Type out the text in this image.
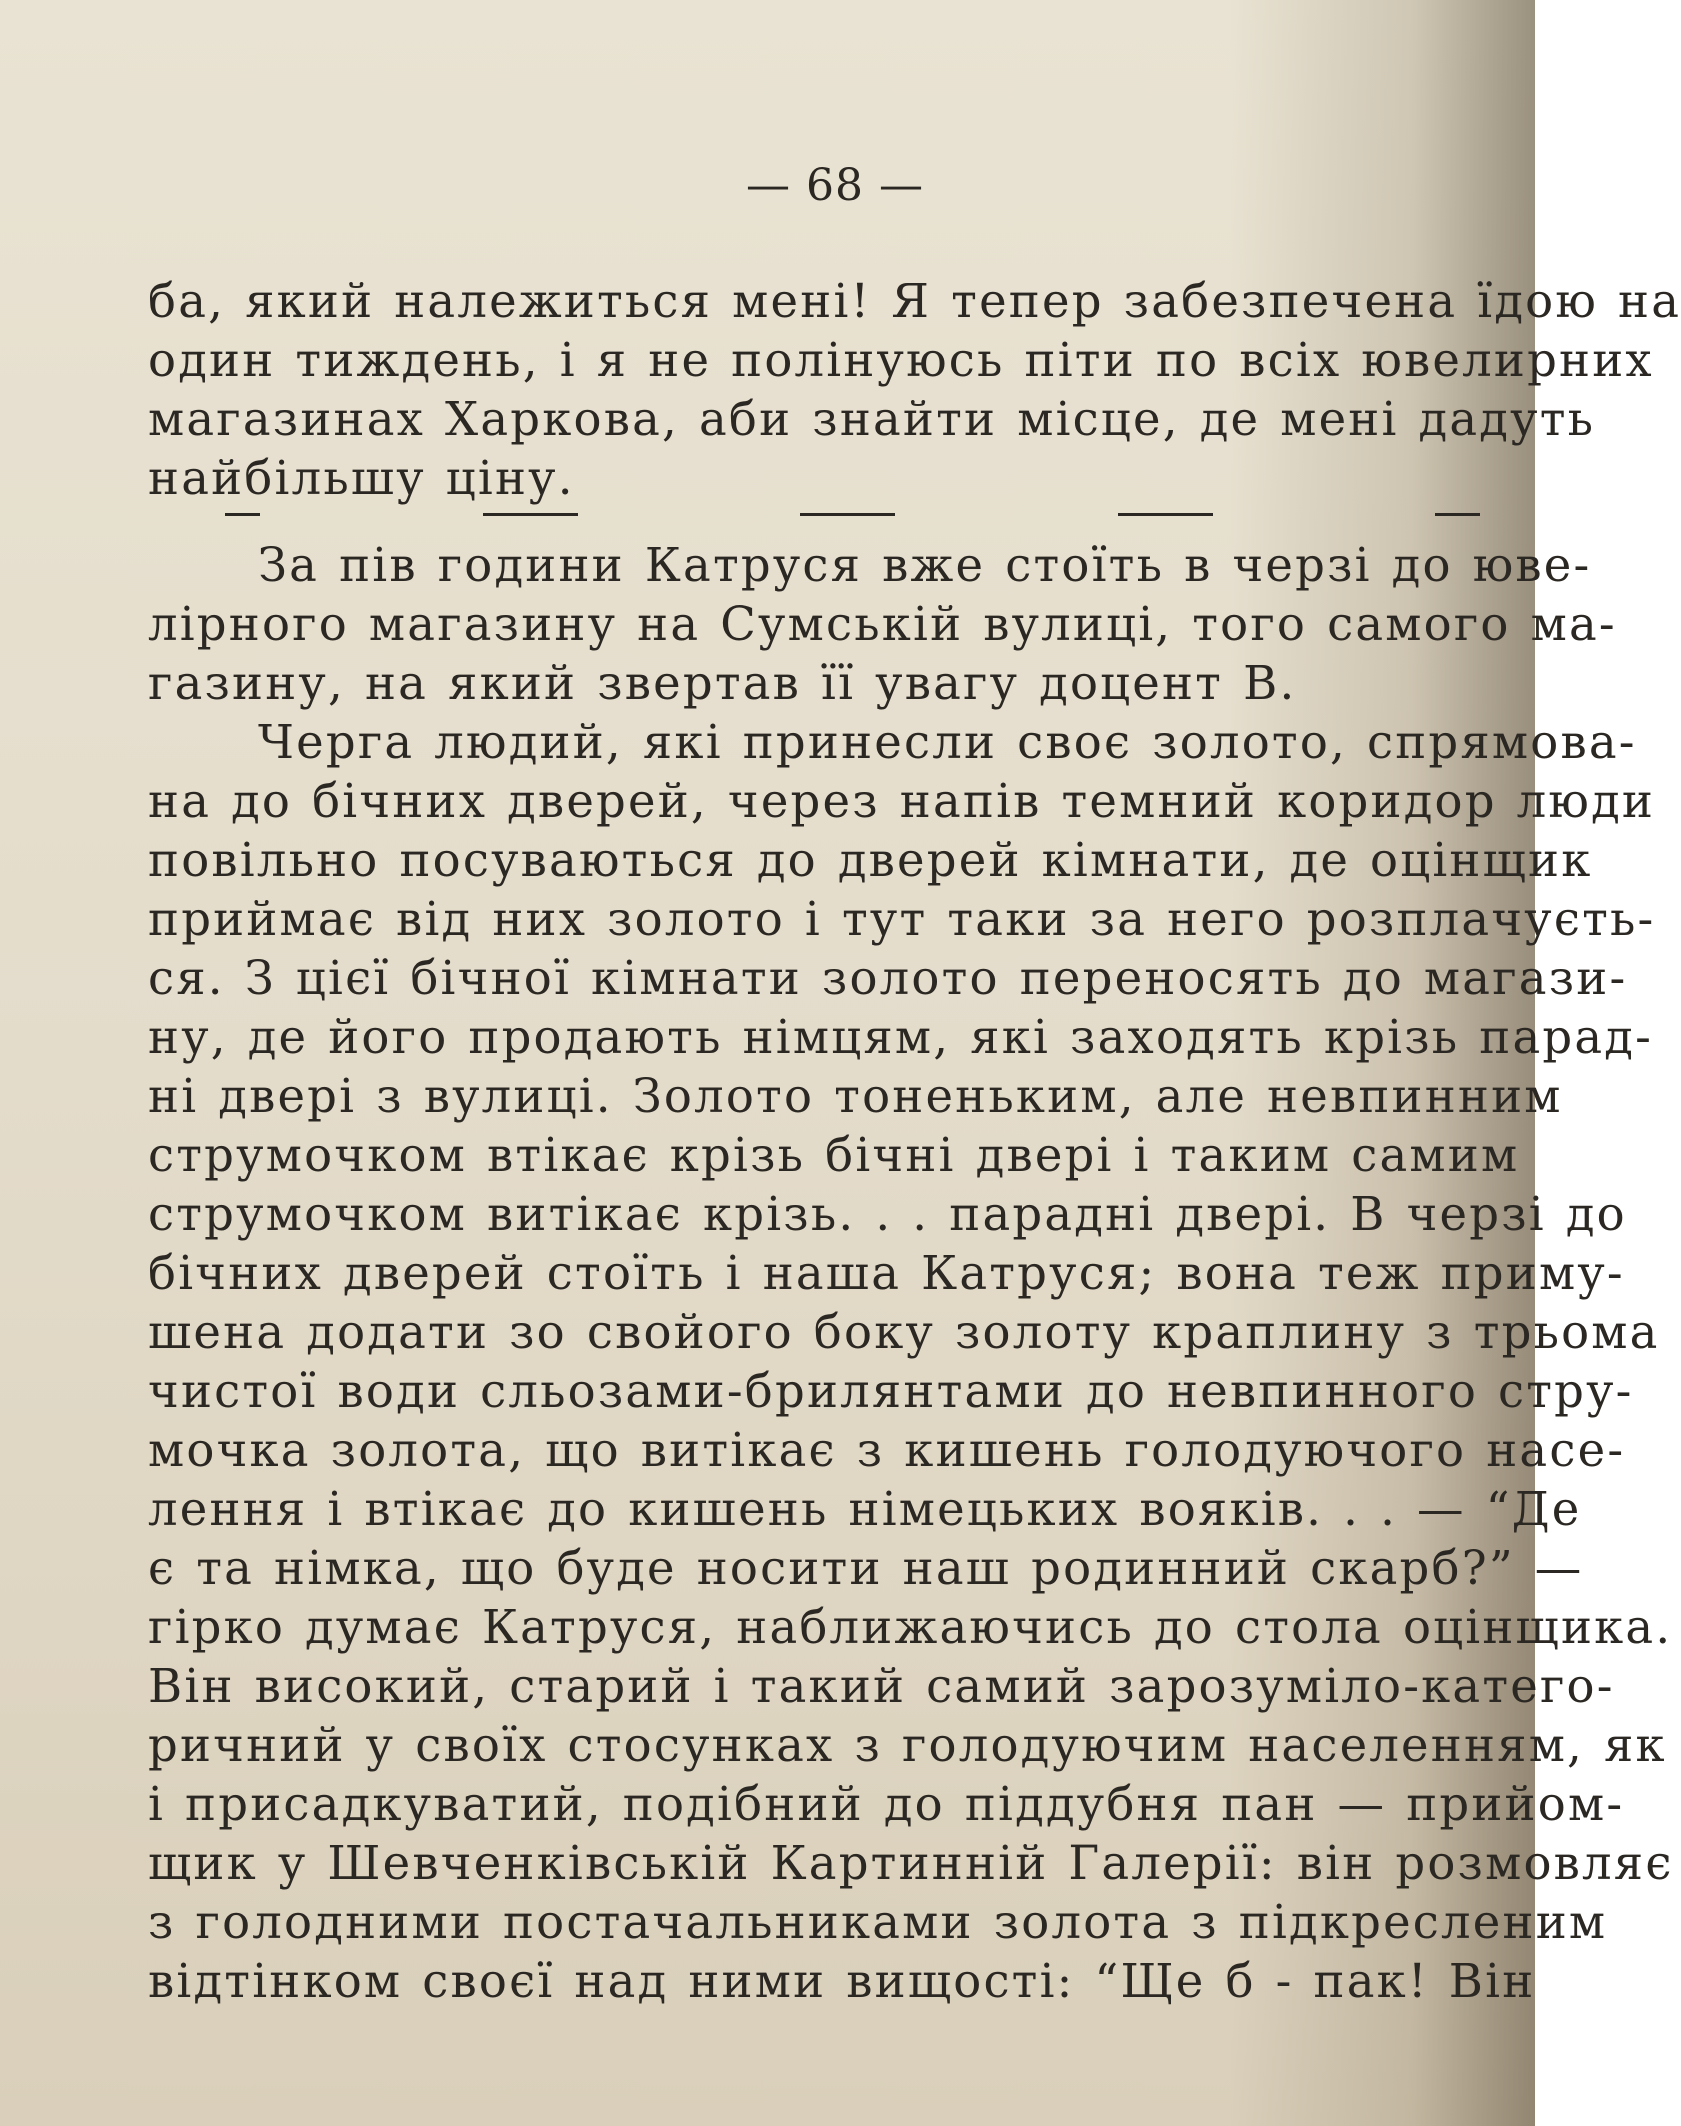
— 68 —
ба, який належиться мені! Я тепер забезпечена їдою на
один тиждень, і я не полінуюсь піти по всіх ювелирних
магазинах Харкова, аби знайти місце, де мені дадуть
найбільшу ціну.
За пів години Катруся вже стоїть в черзі до юве-
лірного магазину на Сумській вулиці, того самого ма-
газину, на який звертав її увагу доцент В.
Черга людий, які принесли своє золото, спрямова-
на до бічних дверей, через напів темний коридор люди
повільно посуваються до дверей кімнати, де оцінщик
приймає від них золото і тут таки за него розплачуєть-
ся. З цієї бічної кімнати золото переносять до магази-
ну, де його продають німцям, які заходять крізь парад-
ні двері з вулиці. Золото тоненьким, але невпинним
струмочком втікає крізь бічні двері і таким самим
струмочком витікає крізь. . . парадні двері. В черзі до
бічних дверей стоїть і наша Катруся; вона теж приму-
шена додати зо свойого боку золоту краплину з трьома
чистої води сльозами-брилянтами до невпинного стру-
мочка золота, що витікає з кишень голодуючого насе-
лення і втікає до кишень німецьких вояків. . . — “Де
є та німка, що буде носити наш родинний скарб?” —
гірко думає Катруся, наближаючись до стола оцінщика.
Він високий, старий і такий самий зарозуміло-катего-
ричний у своїх стосунках з голодуючим населенням, як
і присадкуватий, подібний до піддубня пан — прийом-
щик у Шевченківській Картинній Галерії: він розмовляє
з голодними постачальниками золота з підкресленим
відтінком своєї над ними вищості: “Ще б - пак! Він
